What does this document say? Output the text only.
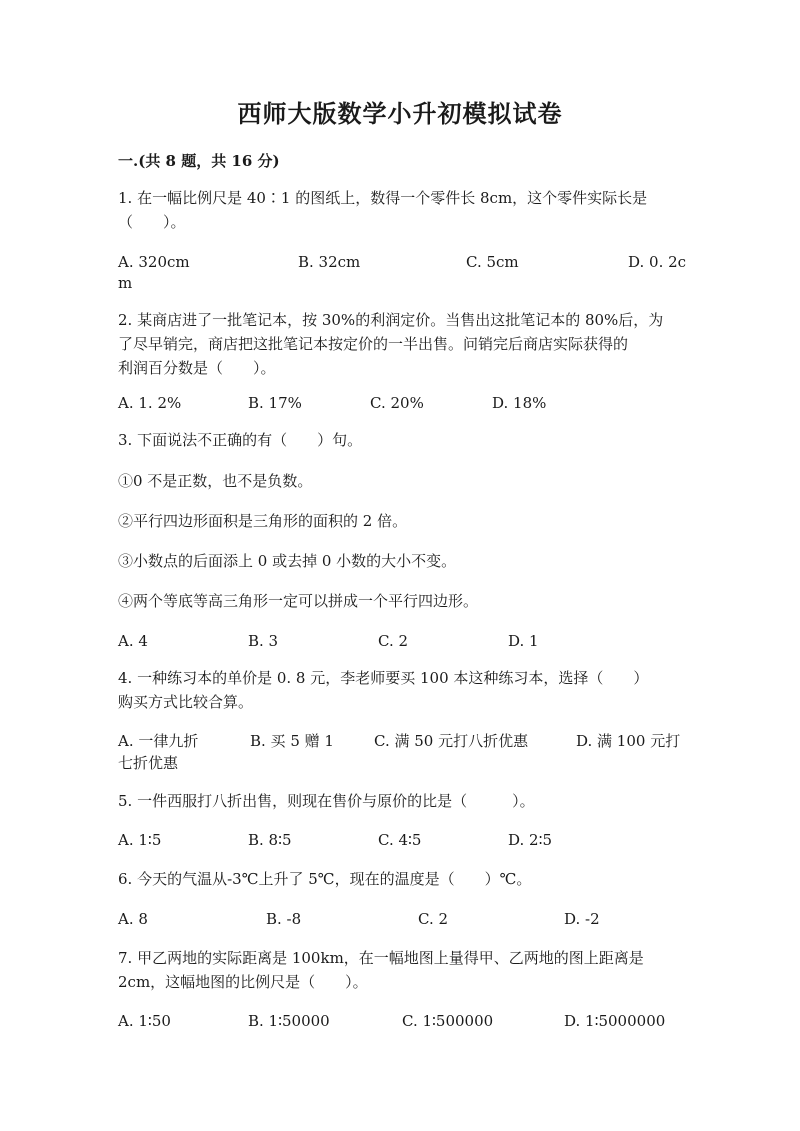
西师大版数学小升初模拟试卷
一.(共 8 题，共 16 分)
1. 在一幅比例尺是 40∶1 的图纸上，数得一个零件长 8cm，这个零件实际长是
（　　）。
A. 320cm	B. 32cm	C. 5cm	D. 0. 2c
m
2. 某商店进了一批笔记本，按 30%的利润定价。当售出这批笔记本的 80%后，为
了尽早销完，商店把这批笔记本按定价的一半出售。问销完后商店实际获得的
利润百分数是（　　）。
A. 1. 2%	B. 17%	C. 20%	D. 18%
3. 下面说法不正确的有（　　）句。
①0 不是正数，也不是负数。
②平行四边形面积是三角形的面积的 2 倍。
③小数点的后面添上 0 或去掉 0 小数的大小不变。
④两个等底等高三角形一定可以拼成一个平行四边形。
A. 4	B. 3	C. 2	D. 1
4. 一种练习本的单价是 0. 8 元，李老师要买 100 本这种练习本，选择（　　）
购买方式比较合算。
A. 一律九折	B. 买 5 赠 1	C. 满 50 元打八折优惠	D. 满 100 元打
七折优惠
5. 一件西服打八折出售，则现在售价与原价的比是（　　　）。
A. 1∶5	B. 8∶5	C. 4∶5	D. 2∶5
6. 今天的气温从-3℃上升了 5℃，现在的温度是（　　）℃。
A. 8	B. -8	C. 2	D. -2
7. 甲乙两地的实际距离是 100km，在一幅地图上量得甲、乙两地的图上距离是
2cm，这幅地图的比例尺是（　　）。
A. 1∶50	B. 1∶50000	C. 1∶500000	D. 1∶5000000
